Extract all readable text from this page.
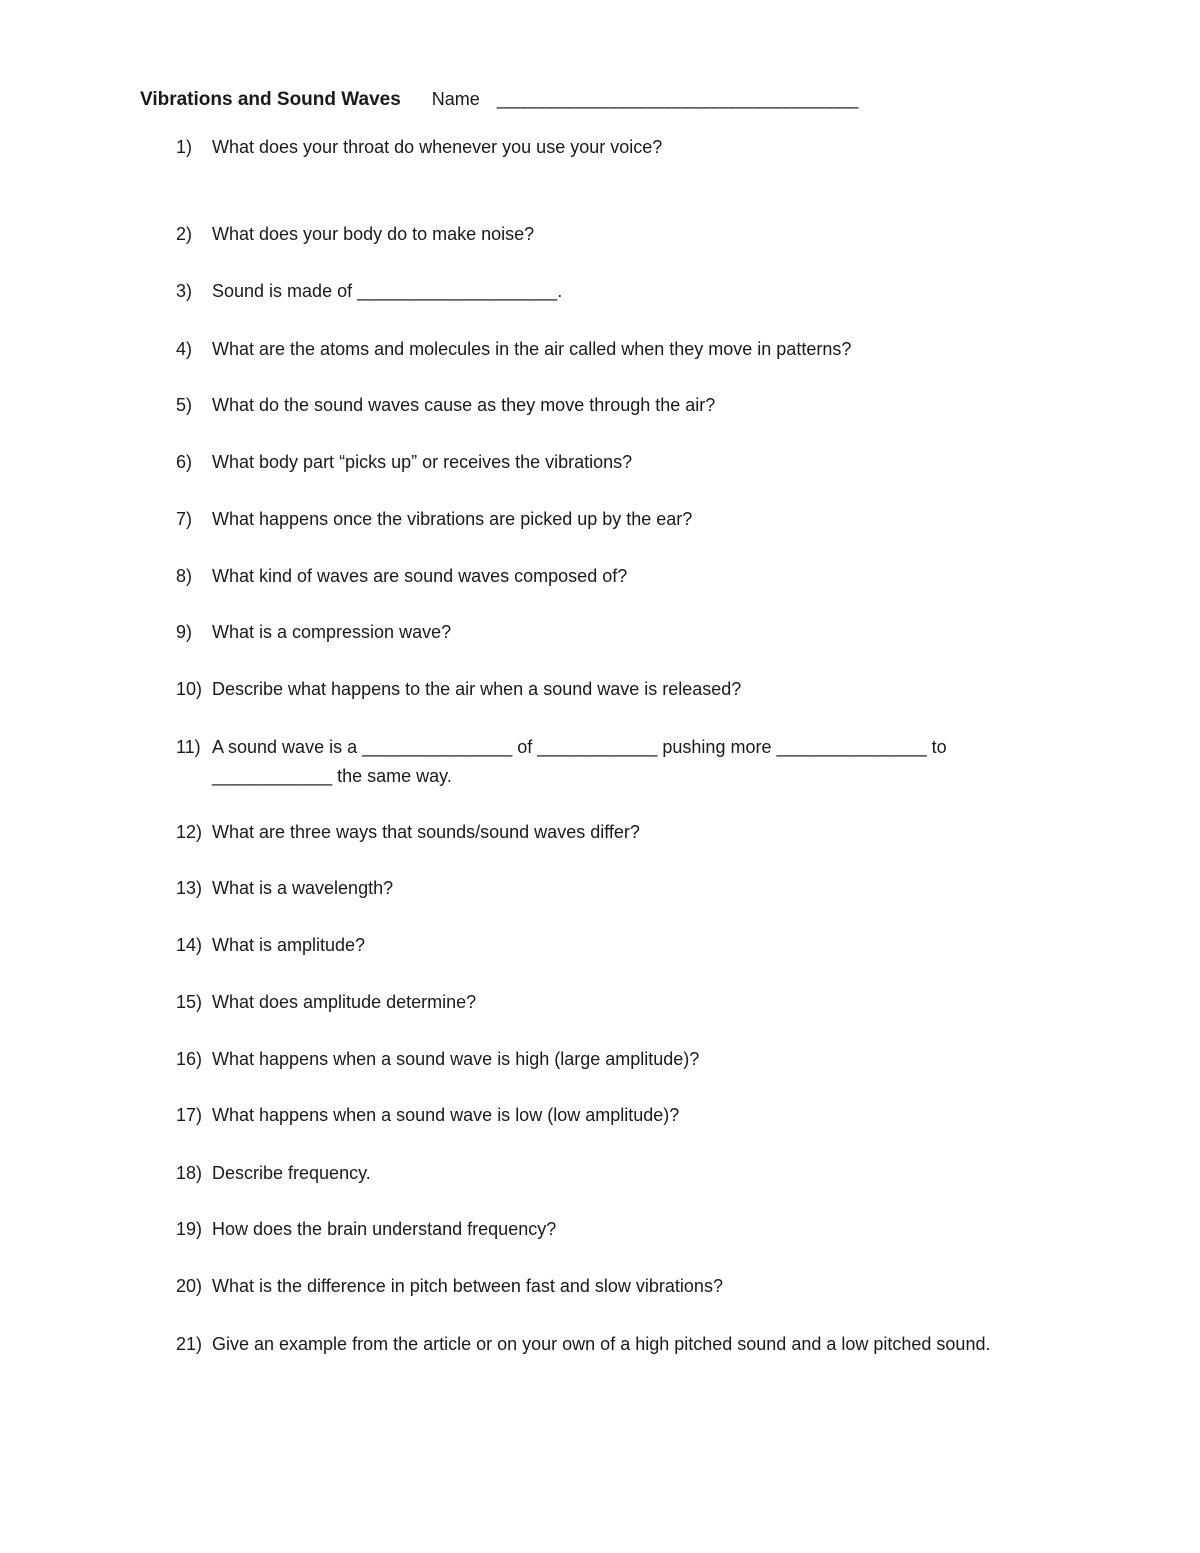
Vibrations and Sound Waves Name ________________________________________
1) What does your throat do whenever you use your voice?
2) What does your body do to make noise?
3) Sound is made of ____________________.
4) What are the atoms and molecules in the air called when they move in patterns?
5) What do the sound waves cause as they move through the air?
6) What body part “picks up” or receives the vibrations?
7) What happens once the vibrations are picked up by the ear?
8) What kind of waves are sound waves composed of?
9) What is a compression wave?
10) Describe what happens to the air when a sound wave is released?
11) A sound wave is a _______________ of ____________ pushing more _______________ to ____________ the same way.
12) What are three ways that sounds/sound waves differ?
13) What is a wavelength?
14) What is amplitude?
15) What does amplitude determine?
16) What happens when a sound wave is high (large amplitude)?
17) What happens when a sound wave is low (low amplitude)?
18) Describe frequency.
19) How does the brain understand frequency?
20) What is the difference in pitch between fast and slow vibrations?
21) Give an example from the article or on your own of a high pitched sound and a low pitched sound.
